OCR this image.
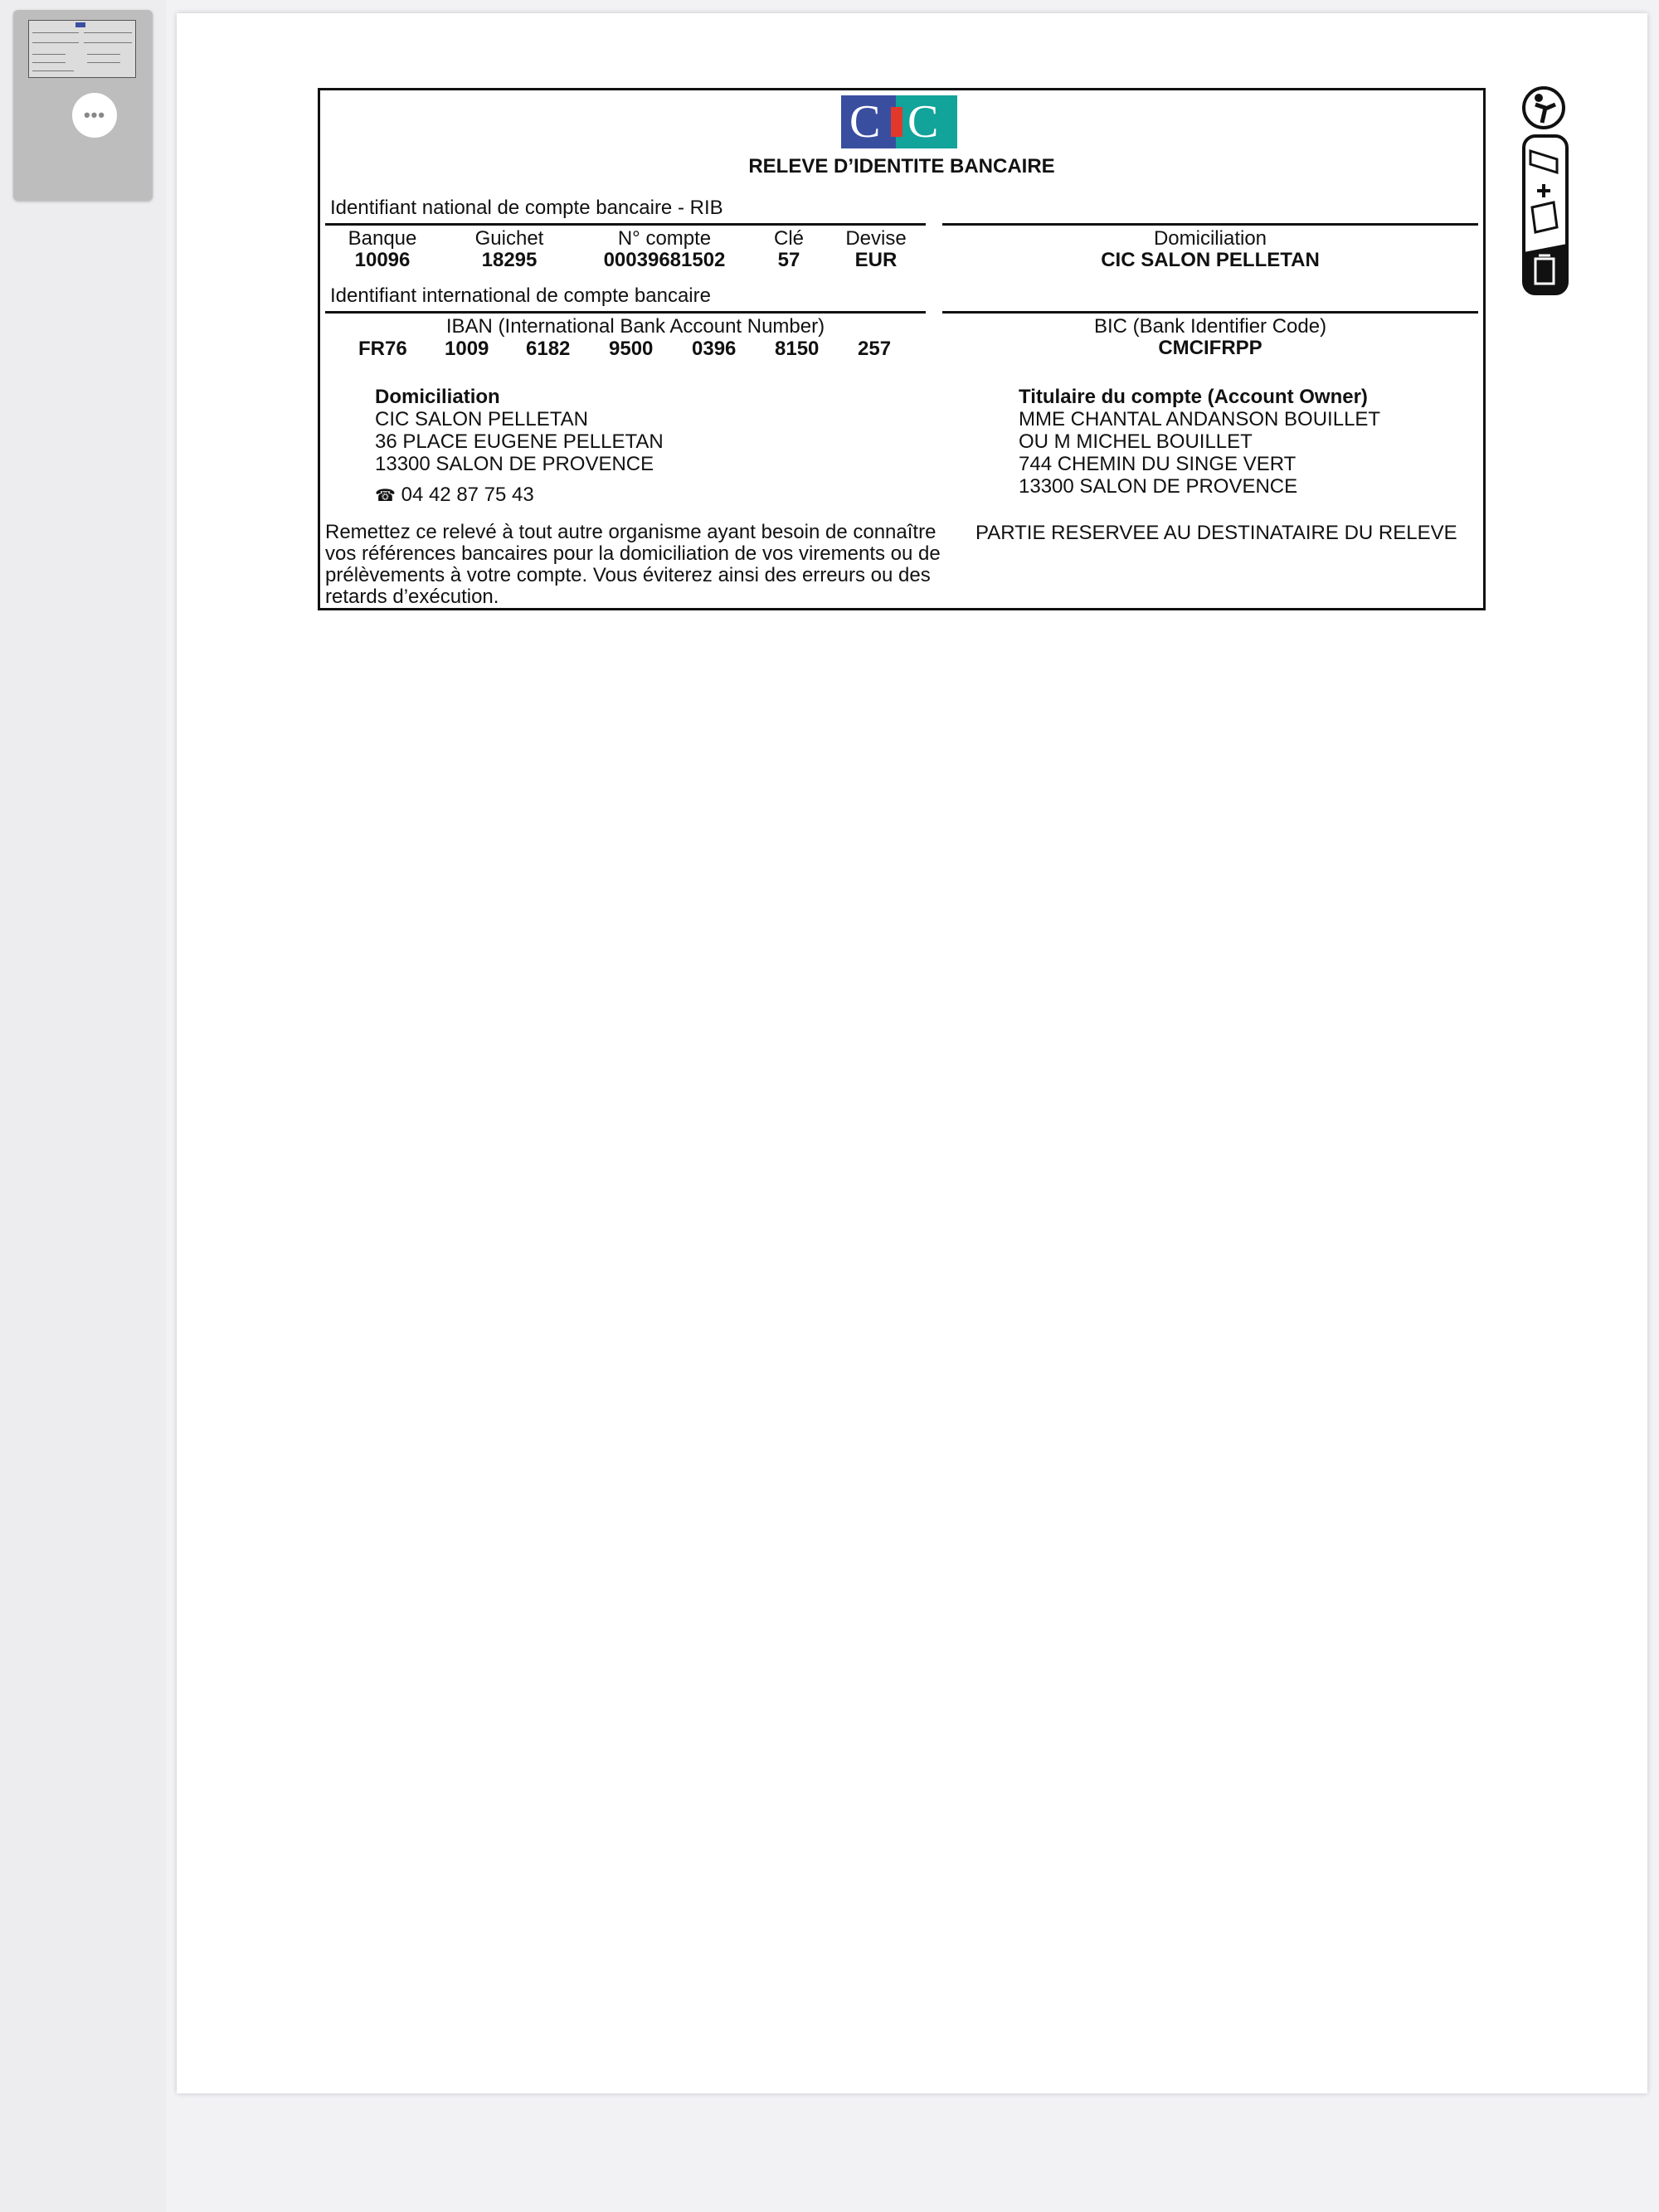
•••	C C
RELEVE D’IDENTITE BANCAIRE
Identifiant national de compte bancaire - RIB
Banque
10096
Guichet
18295
N° compte
00039681502
Clé
57
Devise
EUR
Domiciliation
CIC SALON PELLETAN
Identifiant international de compte bancaire
IBAN (International Bank Account Number)
FR76 1009 6182 9500 0396 8150 257
BIC (Bank Identifier Code)
CMCIFRPP
Domiciliation
CIC SALON PELLETAN
36 PLACE EUGENE PELLETAN
13300 SALON DE PROVENCE
☎ 04 42 87 75 43
Titulaire du compte (Account Owner)
MME CHANTAL ANDANSON BOUILLET
OU M MICHEL BOUILLET
744 CHEMIN DU SINGE VERT
13300 SALON DE PROVENCE
Remettez ce relevé à tout autre organisme ayant besoin de connaître vos références bancaires pour la domiciliation de vos virements ou de prélèvements à votre compte. Vous éviterez ainsi des erreurs ou des retards d’exécution.
PARTIE RESERVEE AU DESTINATAIRE DU RELEVE
